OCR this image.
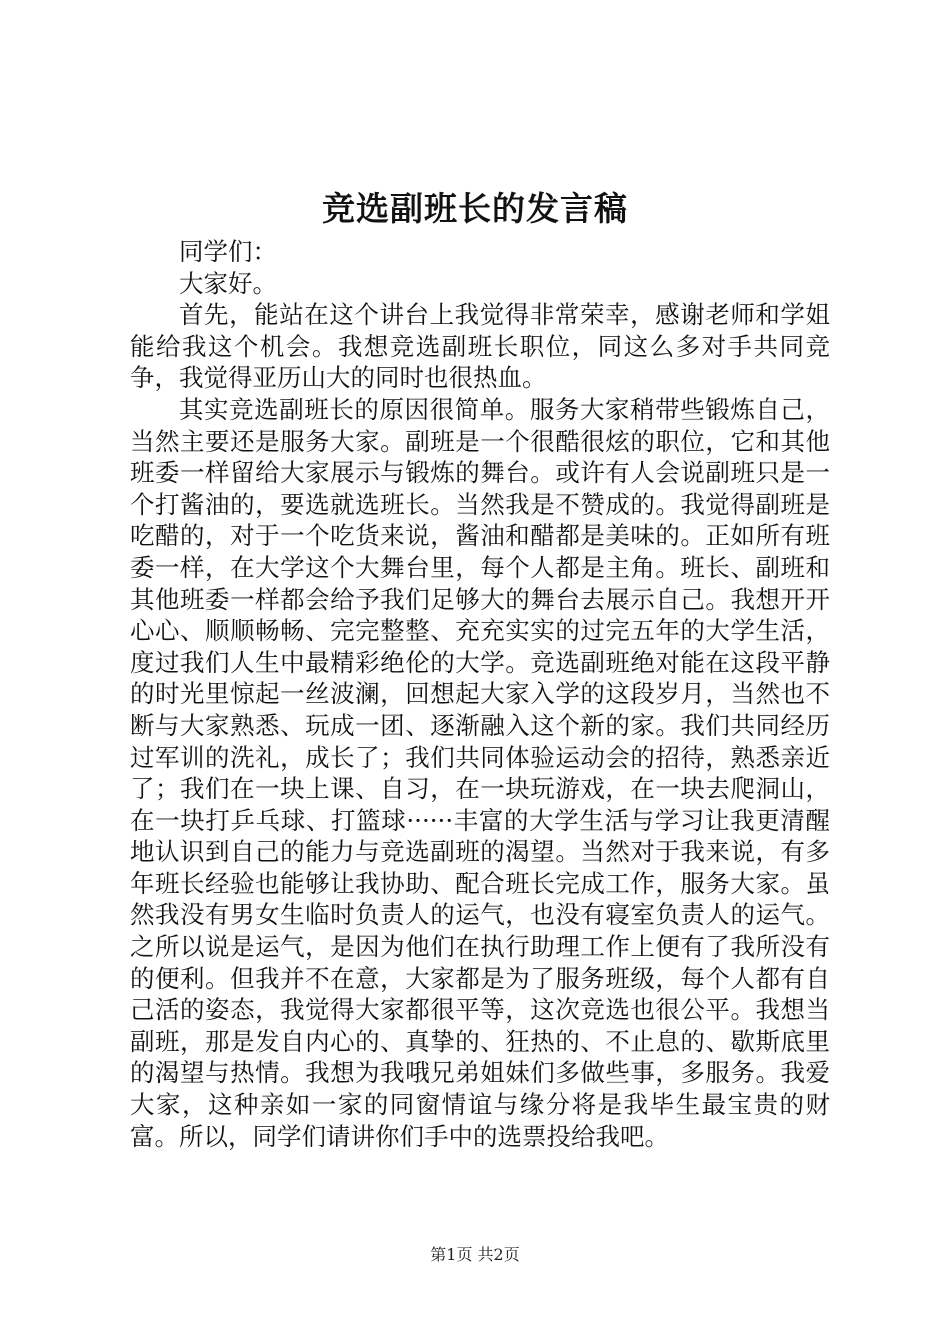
竞选副班长的发言稿

同学们：

大家好。

首先，能站在这个讲台上我觉得非常荣幸，感谢老师和学姐能给我这个机会。我想竞选副班长职位，同这么多对手共同竞争，我觉得亚历山大的同时也很热血。

其实竞选副班长的原因很简单。服务大家稍带些锻炼自己，当然主要还是服务大家。副班是一个很酷很炫的职位，它和其他班委一样留给大家展示与锻炼的舞台。或许有人会说副班只是一个打酱油的，要选就选班长。当然我是不赞成的。我觉得副班是吃醋的，对于一个吃货来说，酱油和醋都是美味的。正如所有班委一样，在大学这个大舞台里，每个人都是主角。班长、副班和其他班委一样都会给予我们足够大的舞台去展示自己。我想开开心心、顺顺畅畅、完完整整、充充实实的过完五年的大学生活，度过我们人生中最精彩绝伦的大学。竞选副班绝对能在这段平静的时光里惊起一丝波澜，回想起大家入学的这段岁月，当然也不断与大家熟悉、玩成一团、逐渐融入这个新的家。我们共同经历过军训的洗礼，成长了；我们共同体验运动会的招待，熟悉亲近了；我们在一块上课、自习，在一块玩游戏，在一块去爬洞山，在一块打乒乓球、打篮球······丰富的大学生活与学习让我更清醒地认识到自己的能力与竞选副班的渴望。当然对于我来说，有多年班长经验也能够让我协助、配合班长完成工作，服务大家。虽然我没有男女生临时负责人的运气，也没有寝室负责人的运气。之所以说是运气，是因为他们在执行助理工作上便有了我所没有的便利。但我并不在意，大家都是为了服务班级，每个人都有自己活的姿态，我觉得大家都很平等，这次竞选也很公平。我想当副班，那是发自内心的、真挚的、狂热的、不止息的、歇斯底里的渴望与热情。我想为我哦兄弟姐妹们多做些事，多服务。我爱大家，这种亲如一家的同窗情谊与缘分将是我毕生最宝贵的财富。所以，同学们请讲你们手中的选票投给我吧。

第1页 共2页
